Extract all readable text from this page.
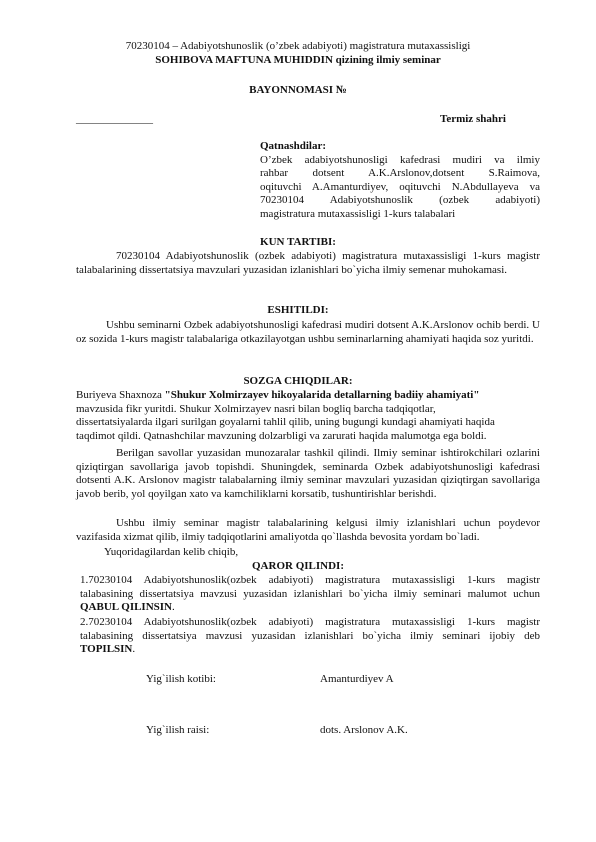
70230104 – Adabiyotshunoslik (o’zbek adabiyoti) magistratura mutaxassisligi
SOHIBOVA MAFTUNA MUHIDDIN qizining ilmiy seminar
BAYONNOMASI №
______________	Termiz shahri

Qatnashdilar:

O’zbek adabiyotshunosligi kafedrasi mudiri va ilmiy

rahbar dotsent A.K.Arslonov,dotsent S.Raimova,

oqituvchi A.Amanturdiyev, oqituvchi N.Abdullayeva va

70230104 Adabiyotshunoslik (ozbek adabiyoti)

magistratura mutaxassisligi 1-kurs talabalari

KUN TARTIBI:
70230104 Adabiyotshunoslik (ozbek adabiyoti) magistratura mutaxassisligi 1-kurs magistr talabalarining dissertatsiya mavzulari yuzasidan izlanishlari bo`yicha ilmiy semenar muhokamasi.
ESHITILDI:
Ushbu seminarni Ozbek adabiyotshunosligi kafedrasi mudiri dotsent A.K.Arslonov ochib berdi. U oz sozida 1-kurs magistr talabalariga otkazilayotgan ushbu seminarlarning ahamiyati haqida soz yuritdi.
SOZGA CHIQDILAR:

Buriyeva Shaxnoza "Shukur Xolmirzayev hikoyalarida detallarning badiiy ahamiyati"

mavzusida fikr yuritdi. Shukur Xolmirzayev nasri bilan bogliq barcha tadqiqotlar,

dissertatsiyalarda ilgari surilgan goyalarni tahlil qilib, uning bugungi kundagi ahamiyati haqida

taqdimot qildi. Qatnashchilar mavzuning dolzarbligi va zarurati haqida malumotga ega boldi.

Berilgan savollar yuzasidan munozaralar tashkil qilindi. Ilmiy seminar ishtirokchilari ozlarini qiziqtirgan savollariga javob topishdi. Shuningdek, seminarda Ozbek adabiyotshunosligi kafedrasi dotsenti A.K. Arslonov magistr talabalarning ilmiy seminar mavzulari yuzasidan qiziqtirgan savollariga javob berib, yol qoyilgan xato va kamchiliklarni korsatib, tushuntirishlar berishdi.
Ushbu ilmiy seminar magistr talabalarining kelgusi ilmiy izlanishlari uchun poydevor vazifasida xizmat qilib, ilmiy tadqiqotlarini amaliyotda qo`llashda bevosita yordam bo`ladi.
Yuqoridagilardan kelib chiqib,
QAROR QILINDI:
1.70230104 Adabiyotshunoslik(ozbek adabiyoti) magistratura mutaxassisligi 1-kurs magistr talabasining dissertatsiya mavzusi yuzasidan izlanishlari bo`yicha ilmiy seminari malumot uchun QABUL QILINSIN.
2.70230104 Adabiyotshunoslik(ozbek adabiyoti) magistratura mutaxassisligi 1-kurs magistr talabasining dissertatsiya mavzusi yuzasidan izlanishlari bo`yicha ilmiy seminari ijobiy deb TOPILSIN.
Yig`ilish kotibi:	Amanturdiyev A
Yig`ilish raisi:	dots. Arslonov A.K.
